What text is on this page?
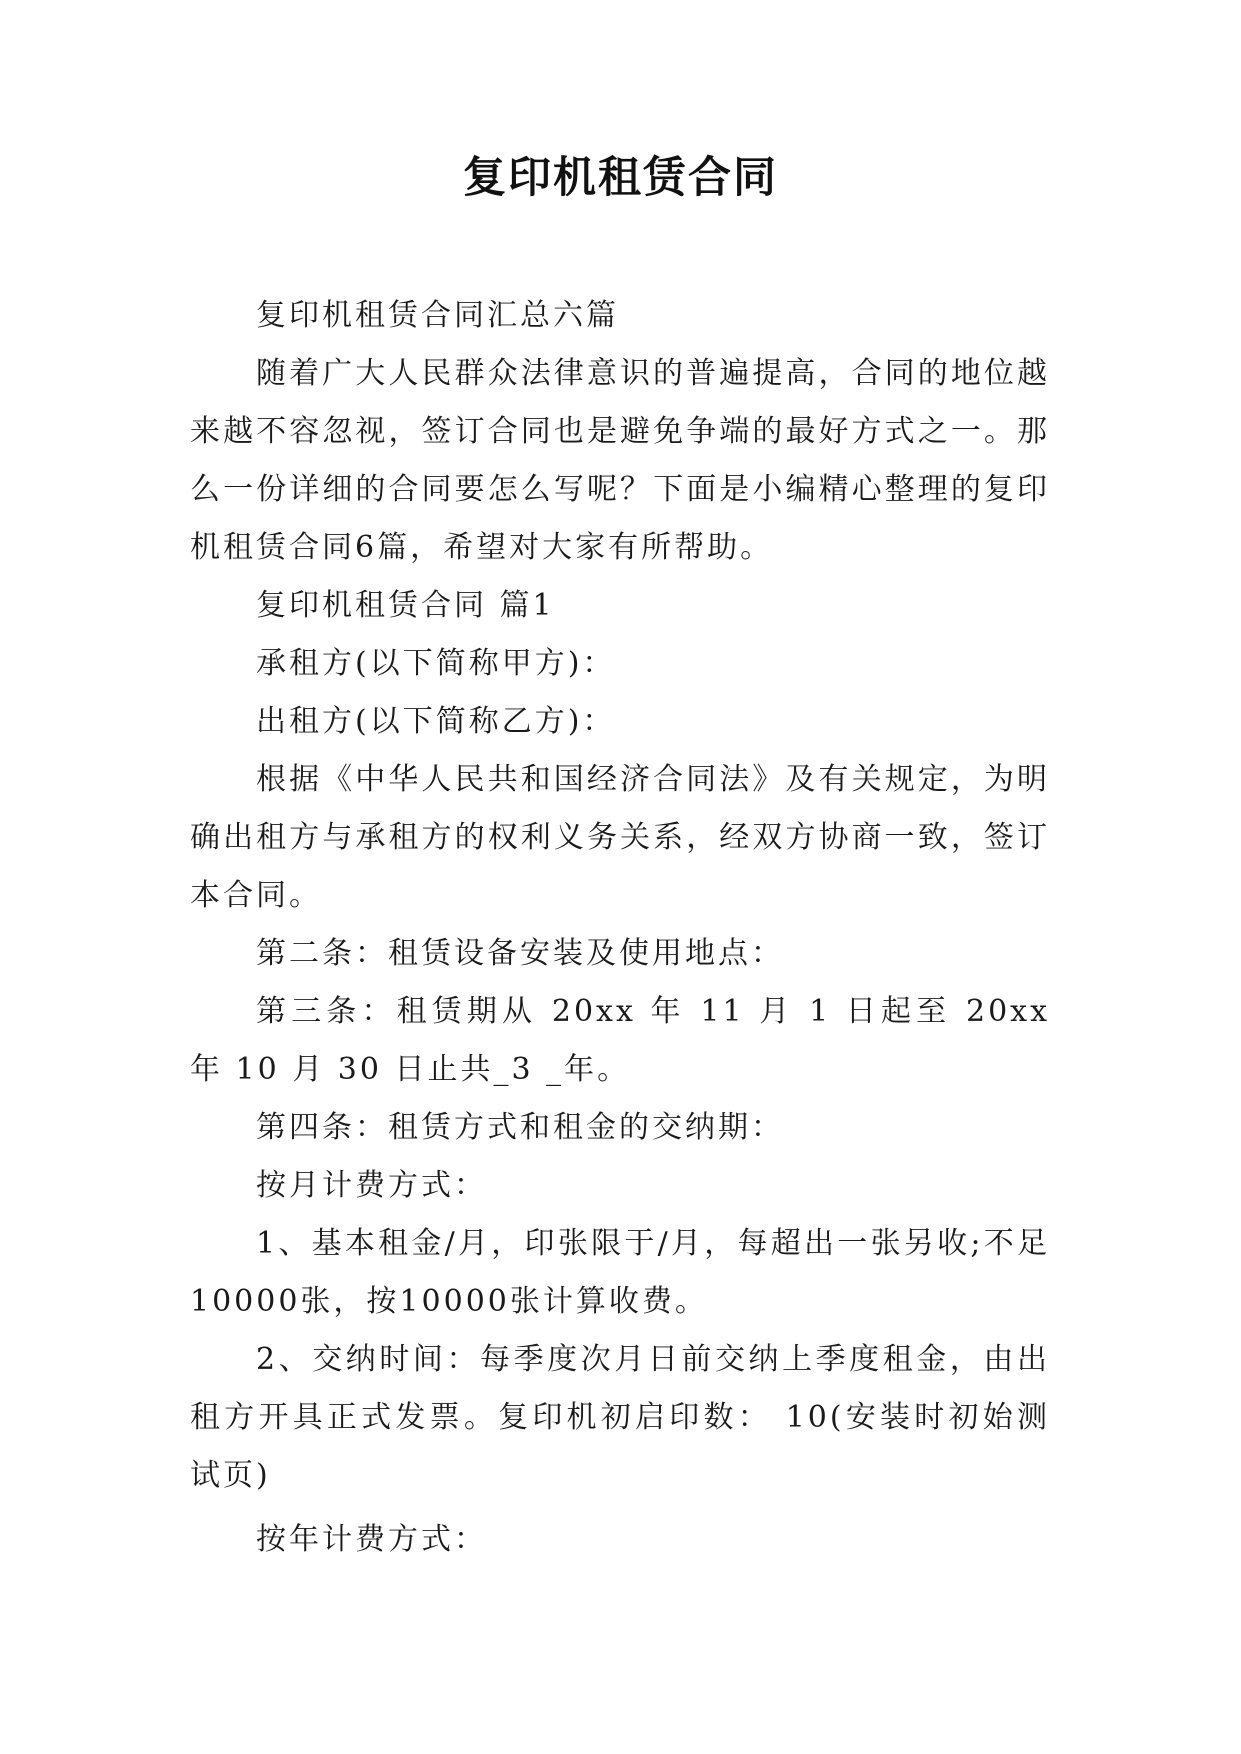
复印机租赁合同

复印机租赁合同汇总六篇

随着广大人民群众法律意识的普遍提高，合同的地位越来越不容忽视，签订合同也是避免争端的最好方式之一。那么一份详细的合同要怎么写呢？下面是小编精心整理的复印机租赁合同6篇，希望对大家有所帮助。

复印机租赁合同 篇1

承租方(以下简称甲方)：

出租方(以下简称乙方)：

根据《中华人民共和国经济合同法》及有关规定，为明确出租方与承租方的权利义务关系，经双方协商一致，签订本合同。

第二条：租赁设备安装及使用地点：

第三条：租赁期从 20xx 年 11 月 1 日起至 20xx 年 10 月 30 日止共_3 _年。

第四条：租赁方式和租金的交纳期：

按月计费方式：

1、基本租金/月，印张限于/月，每超出一张另收;不足10000张，按10000张计算收费。

2、交纳时间：每季度次月日前交纳上季度租金，由出租方开具正式发票。复印机初启印数： 10(安装时初始测试页)

按年计费方式：
